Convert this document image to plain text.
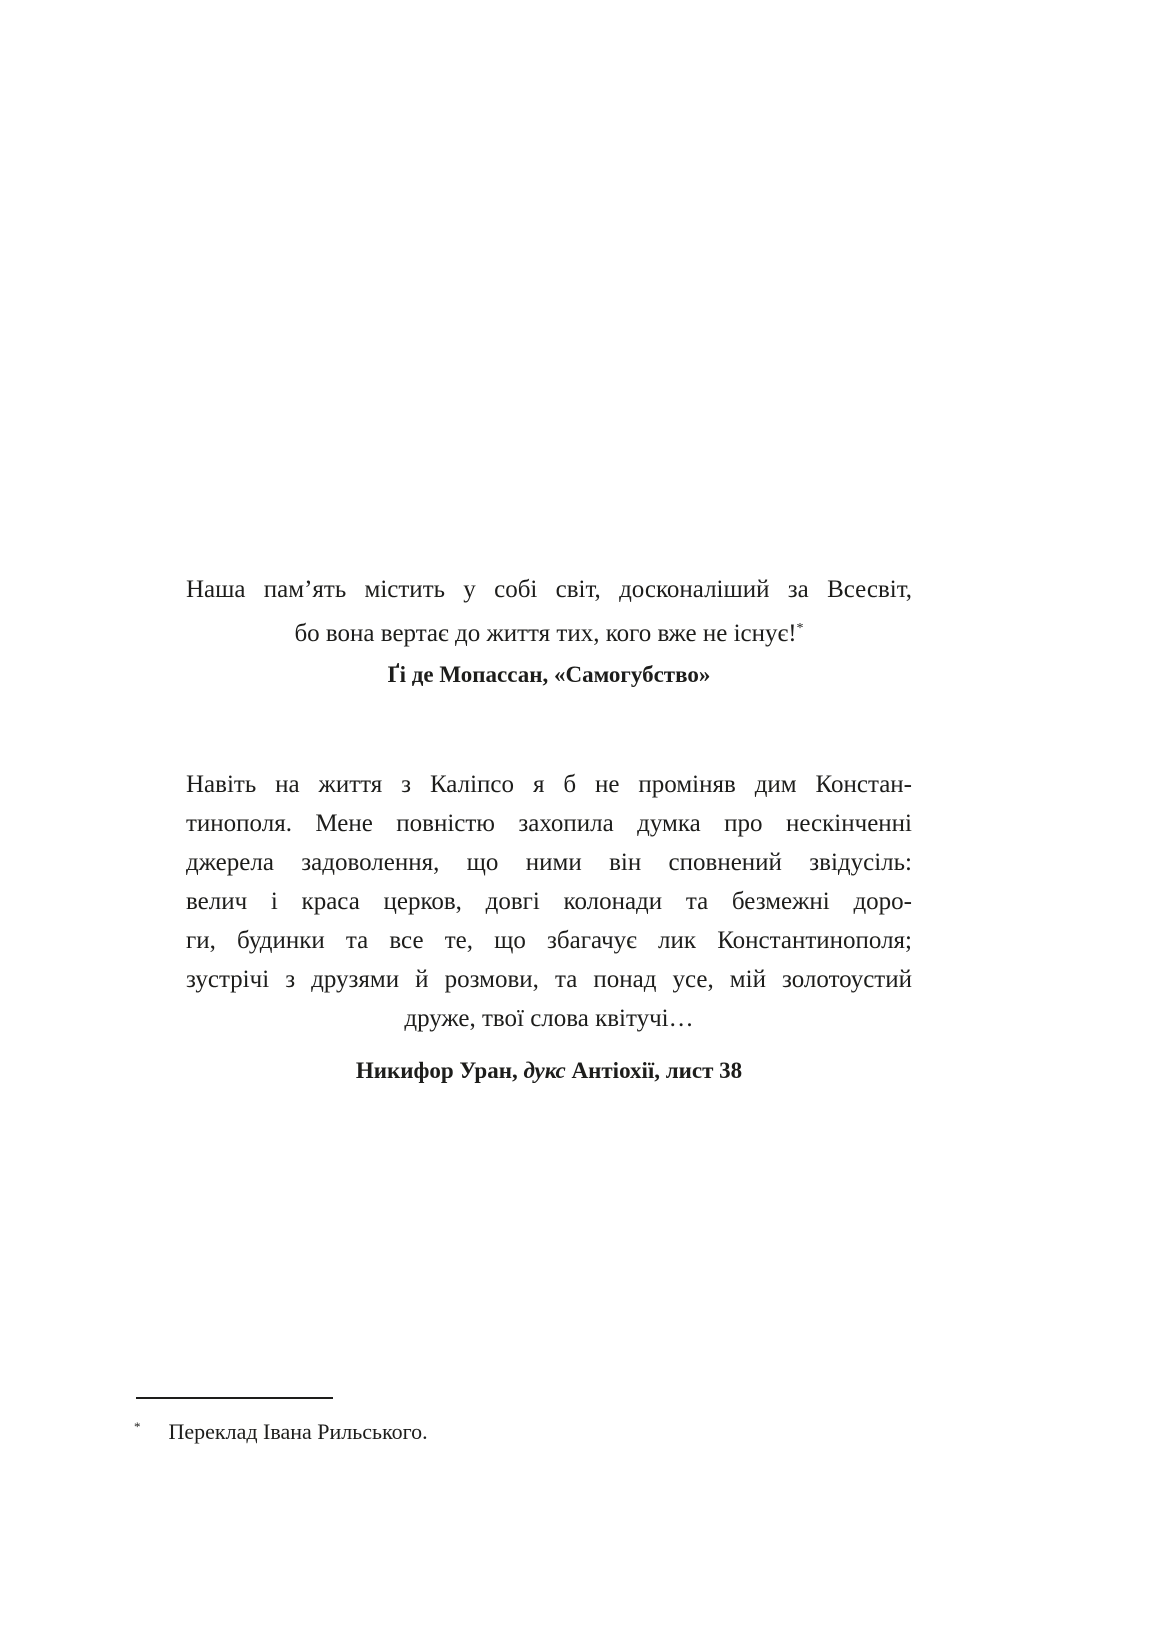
Наша пам’ять містить у собі світ, досконаліший за Всесвіт,
бо вона вертає до життя тих, кого вже не існує!*
Ґі де Мопассан, «Самогубство»
Навіть на життя з Каліпсо я б не проміняв дим Констан-
тинополя. Мене повністю захопила думка про нескінченні
джерела задоволення, що ними він сповнений звідусіль:
велич і краса церков, довгі колонади та безмежні доро-
ги, будинки та все те, що збагачує лик Константинополя;
зустрічі з друзями й розмови, та понад усе, мій золотоустий
друже, твої слова квітучі…
Никифор Уран, дукс Антіохії, лист 38
* Переклад Івана Рильського.
